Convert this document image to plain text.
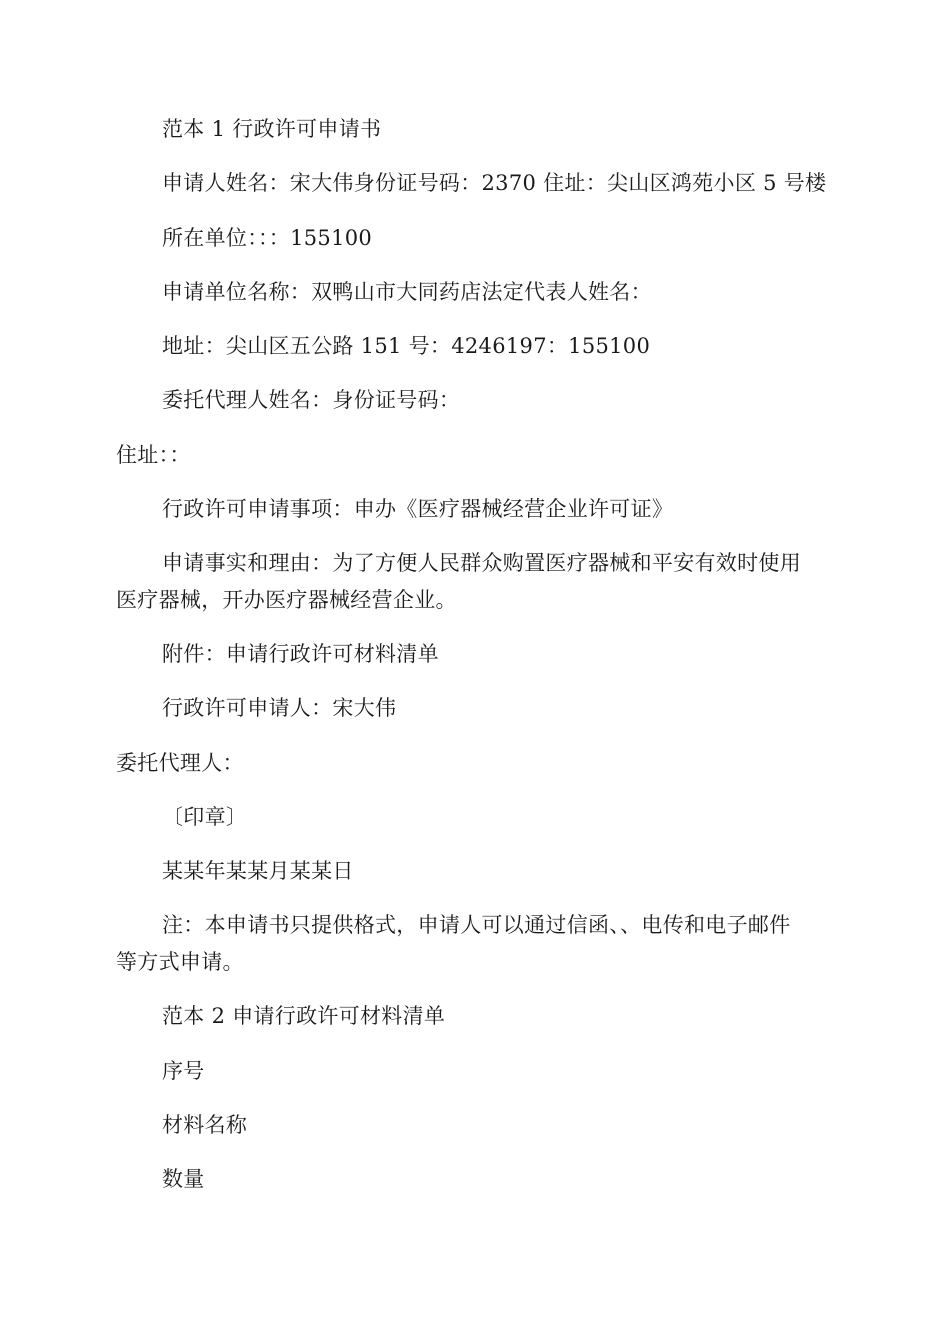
范本 1 行政许可申请书
申请人姓名：宋大伟身份证号码：2370 住址：尖山区鸿苑小区 5 号楼
所在单位：：：155100
申请单位名称：双鸭山市大同药店法定代表人姓名：
地址：尖山区五公路 151 号：4246197：155100
委托代理人姓名：身份证号码：
住址：：
行政许可申请事项：申办《医疗器械经营企业许可证》
申请事实和理由：为了方便人民群众购置医疗器械和平安有效时使用
医疗器械，开办医疗器械经营企业。
附件：申请行政许可材料清单
行政许可申请人：宋大伟
委托代理人：
〔印章〕
某某年某某月某某日
注：本申请书只提供格式，申请人可以通过信函、、电传和电子邮件
等方式申请。
范本 2 申请行政许可材料清单
序号
材料名称
数量
